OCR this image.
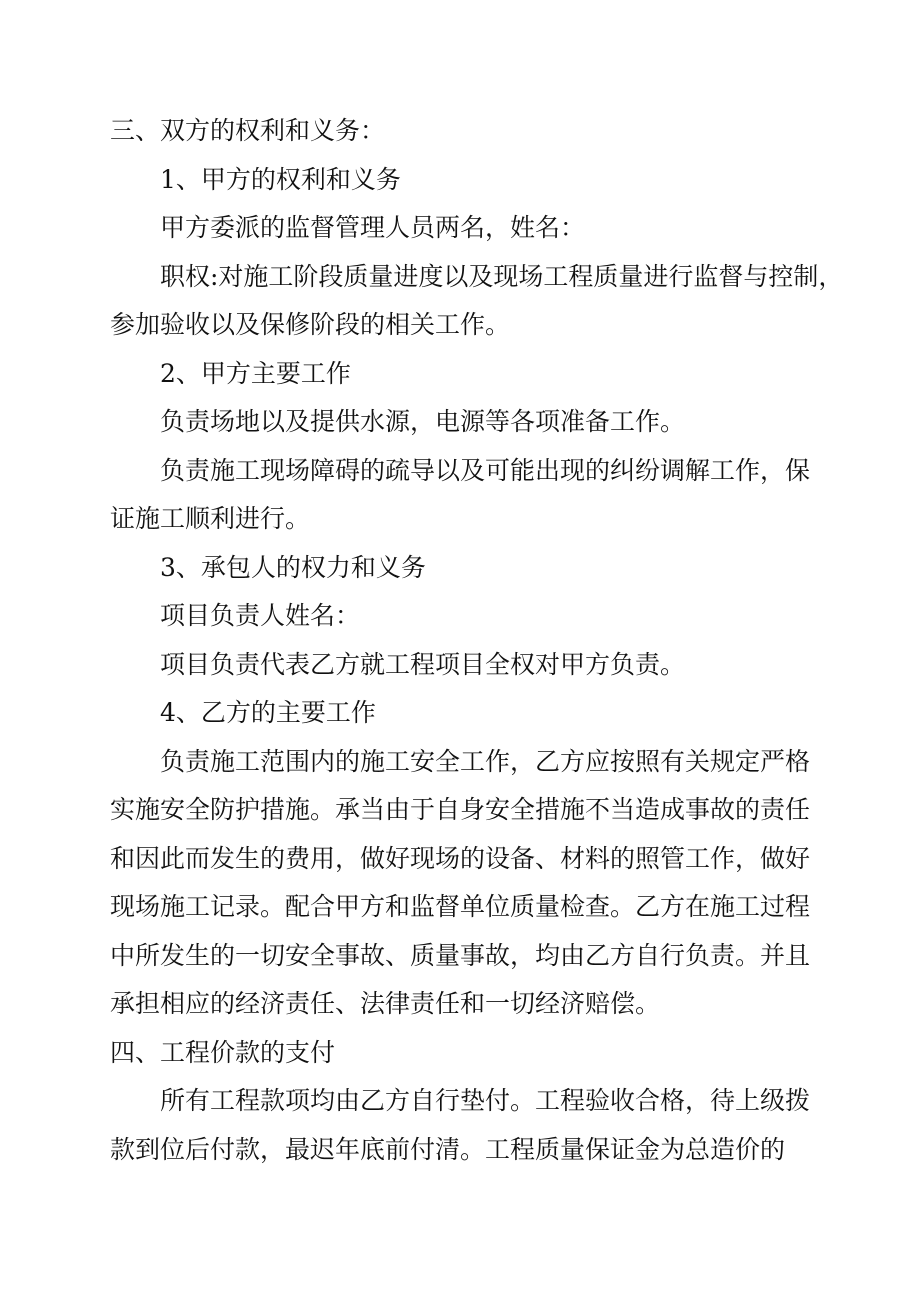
三、双方的权利和义务：

1、甲方的权利和义务

甲方委派的监督管理人员两名，姓名：

职权:对施工阶段质量进度以及现场工程质量进行监督与控制，

参加验收以及保修阶段的相关工作。

2、甲方主要工作

负责场地以及提供水源，电源等各项准备工作。

负责施工现场障碍的疏导以及可能出现的纠纷调解工作，保

证施工顺利进行。

3、承包人的权力和义务

项目负责人姓名：

项目负责代表乙方就工程项目全权对甲方负责。

4、乙方的主要工作

负责施工范围内的施工安全工作，乙方应按照有关规定严格

实施安全防护措施。承当由于自身安全措施不当造成事故的责任

和因此而发生的费用，做好现场的设备、材料的照管工作，做好

现场施工记录。配合甲方和监督单位质量检查。乙方在施工过程

中所发生的一切安全事故、质量事故，均由乙方自行负责。并且

承担相应的经济责任、法律责任和一切经济赔偿。

四、工程价款的支付

所有工程款项均由乙方自行垫付。工程验收合格，待上级拨

款到位后付款，最迟年底前付清。工程质量保证金为总造价的
